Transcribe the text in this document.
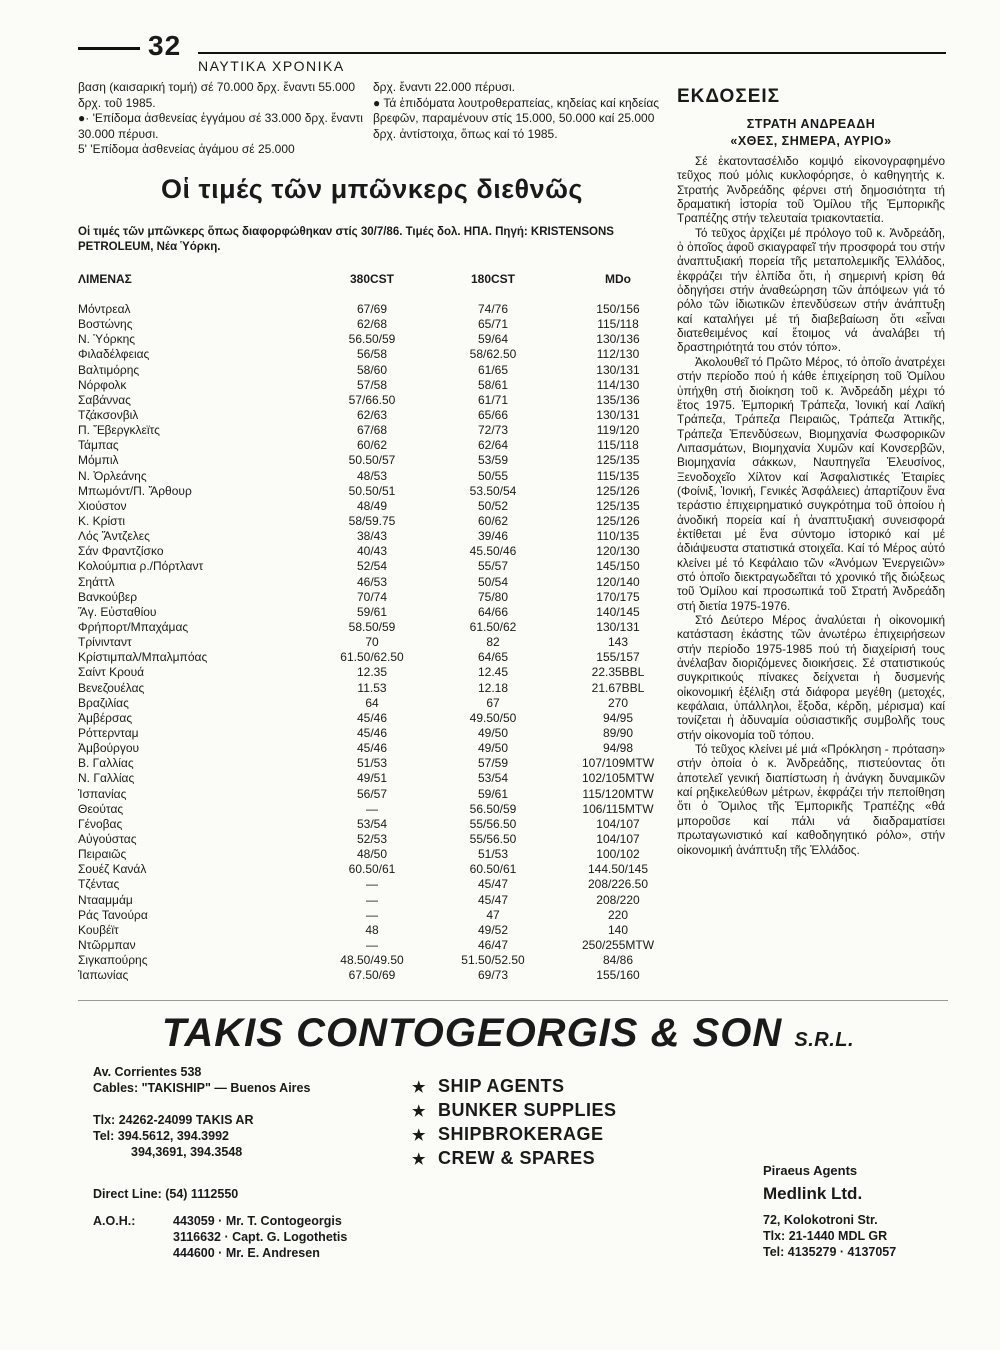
32
ΝΑΥΤΙΚΑ ΧΡΟΝΙΚΑ

βαση (καισαρική τομή) σέ 70.000 δρχ. ἔναντι 55.000 δρχ. τοῦ 1985.

●· 'Επίδομα ἀσθενείας ἐγγάμου σέ 33.000 δρχ. ἔναντι 30.000 πέρυσι.

5' 'Επίδομα ἀσθενείας ἀγάμου σέ 25.000

δρχ. ἔναντι 22.000 πέρυσι.

● Τά ἐπιδόματα λουτροθεραπείας, κηδείας καί κηδείας βρεφῶν, παραμένουν στίς 15.000, 50.000 καί 25.000 δρχ. ἀντίστοιχα, ὅπως καί τό 1985.

Οἱ τιμές τῶν μπῶνκερς διεθνῶς
Οἱ τιμές τῶν μπῶνκερς ὅπως διαφορφώθηκαν στίς 30/7/86. Τιμές δολ. ΗΠΑ. Πηγή: KRISTENSONS PETROLEUM, Νέα Ὑόρκη.
ΛΙΜΕΝΑΣ	380CST	180CST	MDo
Μόντρεαλ	67/69	74/76	150/156
Βοστώνης	62/68	65/71	115/118
Ν. Ὑόρκης	56.50/59	59/64	130/136
Φιλαδέλφειας	56/58	58/62.50	112/130
Βαλτιμόρης	58/60	61/65	130/131
Νόρφολκ	57/58	58/61	114/130
Σαβάννας	57/66.50	61/71	135/136
Τζάκσονβιλ	62/63	65/66	130/131
Π. Ἔβεργκλεϊτς	67/68	72/73	119/120
Τάμπας	60/62	62/64	115/118
Μόμπιλ	50.50/57	53/59	125/135
Ν. Ὀρλεάνης	48/53	50/55	115/135
Μπωμόντ/Π. Ἄρθουρ	50.50/51	53.50/54	125/126
Χιούστον	48/49	50/52	125/135
Κ. Κρίστι	58/59.75	60/62	125/126
Λός Ἄντζελες	38/43	39/46	110/135
Σάν Φραντζίσκο	40/43	45.50/46	120/130
Κολούμπια ρ./Πόρτλαντ	52/54	55/57	145/150
Σηάττλ	46/53	50/54	120/140
Βανκούβερ	70/74	75/80	170/175
Ἅγ. Εὐσταθίου	59/61	64/66	140/145
Φρήπορτ/Μπαχάμας	58.50/59	61.50/62	130/131
Τρίνινταντ	70	82	143
Κρίστιμπαλ/Μπαλμπόας	61.50/62.50	64/65	155/157
Σαίντ Κρουά	12.35	12.45	22.35BBL
Βενεζουέλας	11.53	12.18	21.67BBL
Βραζιλίας	64	67	270
Ἀμβέρσας	45/46	49.50/50	94/95
Ρόττερνταμ	45/46	49/50	89/90
Ἀμβούργου	45/46	49/50	94/98
Β. Γαλλίας	51/53	57/59	107/109MTW
Ν. Γαλλίας	49/51	53/54	102/105MTW
Ἱσπανίας	56/57	59/61	115/120MTW
Θεούτας	—	56.50/59	106/115MTW
Γένοβας	53/54	55/56.50	104/107
Αὐγούστας	52/53	55/56.50	104/107
Πειραιῶς	48/50	51/53	100/102
Σουέζ Κανάλ	60.50/61	60.50/61	144.50/145
Τζέντας	—	45/47	208/226.50
Ντααμμάμ	—	45/47	208/220
Ράς Τανούρα	—	47	220
Κουβέϊτ	48	49/52	140
Ντῶρμπαν	—	46/47	250/255MTW
Σιγκαπούρης	48.50/49.50	51.50/52.50	84/86
Ἰαπωνίας	67.50/69	69/73	155/160
ΕΚΔΟΣΕΙΣ
ΣΤΡΑΤΗ ΑΝΔΡΕΑΔΗ
«ΧΘΕΣ, ΣΗΜΕΡΑ, ΑΥΡΙΟ»

Σέ ἑκατοντασέλιδο κομψό εἰκονογραφημένο τεῦχος πού μόλις κυκλοφόρησε, ὁ καθηγητής κ. Στρατής Ἀνδρεάδης φέρνει στή δημοσιότητα τή δραματική ἱστορία τοῦ Ὁμίλου τῆς Ἐμπορικῆς Τραπέζης στήν τελευταία τριακονταετία.

Τό τεῦχος ἀρχίζει μέ πρόλογο τοῦ κ. Ἀνδρεάδη, ὁ ὁποῖος ἀφοῦ σκιαγραφεῖ τήν προσφορά του στήν ἀναπτυξιακή πορεία τῆς μεταπολεμικῆς Ἑλλάδος, ἐκφράζει τήν ἐλπίδα ὅτι, ἡ σημερινή κρίση θά ὁδηγήσει στήν ἀναθεώρηση τῶν ἀπόψεων γιά τό ρόλο τῶν ἰδιωτικῶν ἐπενδύσεων στήν ἀνάπτυξη καί καταλήγει μέ τή διαβεβαίωση ὅτι «εἶναι διατεθειμένος καί ἕτοιμος νά ἀναλάβει τή δραστηριότητά του στόν τόπο».

Ἀκολουθεῖ τό Πρῶτο Μέρος, τό ὁποῖο ἀνατρέχει στήν περίοδο πού ἡ κάθε ἐπιχείρηση τοῦ Ὁμίλου ὑπήχθη στή διοίκηση τοῦ κ. Ἀνδρεάδη μέχρι τό ἔτος 1975. Ἐμπορική Τράπεζα, Ἰονική καί Λαϊκή Τράπεζα, Τράπεζα Πειραιῶς, Τράπεζα Ἀττικῆς, Τράπεζα Ἐπενδύσεων, Βιομηχανία Φωσφορικῶν Λιπασμάτων, Βιομηχανία Χυμῶν καί Κονσερβῶν, Βιομηχανία σάκκων, Ναυπηγεῖα Ἐλευσίνος, Ξενοδοχεῖο Χίλτον καί Ἀσφαλιστικές Ἑταιρίες (Φοίνιξ, Ἰονική, Γενικές Ἀσφάλειες) ἀπαρτίζουν ἕνα τεράστιο ἐπιχειρηματικό συγκρότημα τοῦ ὁποίου ἡ ἀνοδική πορεία καί ἡ ἀναπτυξιακή συνεισφορά ἐκτίθεται μέ ἕνα σύντομο ἱστορικό καί μέ ἀδιάψευστα στατιστικά στοιχεῖα. Καί τό Μέρος αὐτό κλείνει μέ τό Κεφάλαιο τῶν «Ἀνόμων Ἐνεργειῶν» στό ὁποῖο διεκτραγωδεῖται τό χρονικό τῆς διώξεως τοῦ Ὁμίλου καί προσωπικά τοῦ Στρατή Ἀνδρεάδη στή διετία 1975-1976.

Στό Δεύτερο Μέρος ἀναλύεται ἡ οἰκονομική κατάσταση ἑκάστης τῶν ἀνωτέρω ἐπιχειρήσεων στήν περίοδο 1975-1985 πού τή διαχείρισή τους ἀνέλαβαν διοριζόμενες διοικήσεις. Σέ στατιστικούς συγκριτικούς πίνακες δείχνεται ἡ δυσμενής οἰκονομική ἐξέλιξη στά διάφορα μεγέθη (μετοχές, κεφάλαια, ὑπάλληλοι, ἔξοδα, κέρδη, μέρισμα) καί τονίζεται ἡ ἀδυναμία οὐσιαστικῆς συμβολῆς τους στήν οἰκονομία τοῦ τόπου.

Τό τεῦχος κλείνει μέ μιά «Πρόκληση - πρόταση» στήν ὁποία ὁ κ. Ἀνδρεάδης, πιστεύοντας ὅτι ἀποτελεῖ γενική διαπίστωση ἡ ἀνάγκη δυναμικῶν καί ρηξικελεύθων μέτρων, ἐκφράζει τήν πεποίθηση ὅτι ὁ Ὅμιλος τῆς Ἐμπορικῆς Τραπέζης «θά μποροῦσε καί πάλι νά διαδραματίσει πρωταγωνιστικό καί καθοδηγητικό ρόλο», στήν οἰκονομική ἀνάπτυξη τῆς Ἑλλάδος.

TAKIS CONTOGEORGIS & SON S.R.L.
Av. Corrientes 538
Cables: "TAKISHIP" — Buenos Aires
Tlx: 24262-24099 TAKIS AR
Tel: 394.5612, 394.3992
394,3691, 394.3548
Direct Line: (54) 1112550
A.O.H.:	443059 · Mr. T. Contogeorgis
3116632 · Capt. G. Logothetis
444600 · Mr. E. Andresen
★ SHIP AGENTS
★ BUNKER SUPPLIES
★ SHIPBROKERAGE
★ CREW & SPARES
Piraeus Agents
Medlink Ltd.
72, Kolokotroni Str.
Tlx: 21-1440 MDL GR
Tel: 4135279 · 4137057
